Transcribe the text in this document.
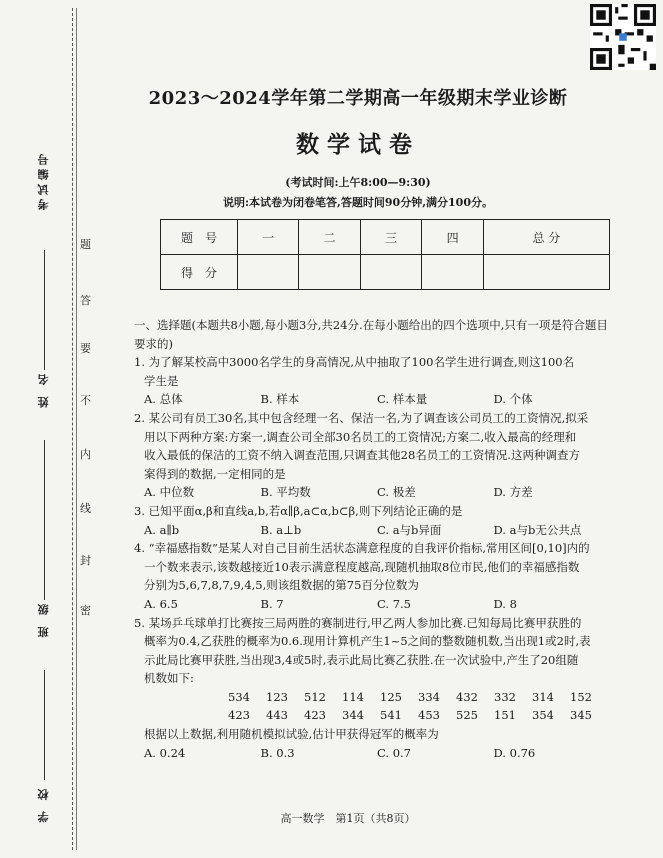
考试编号
姓 名
班 级
学 校
题
答
要
不
内
线
封
密
2023～2024学年第二学期高一年级期末学业诊断
数学试卷
(考试时间:上午8:00—9:30)
说明:本试卷为闭卷笔答,答题时间90分钟,满分100分。
题　号	一	二	三	四	总 分
得　分					

一、选择题(本题共8小题,每小题3分,共24分.在每小题给出的四个选项中,只有一项是符合题目要求的)

1. 为了解某校高中3000名学生的身高情况,从中抽取了100名学生进行调查,则这100名

学生是

A. 总体	B. 样本	C. 样本量	D. 个体

2. 某公司有员工30名,其中包含经理一名、保洁一名,为了调查该公司员工的工资情况,拟采

用以下两种方案:方案一,调查公司全部30名员工的工资情况;方案二,收入最高的经理和

收入最低的保洁的工资不纳入调查范围,只调查其他28名员工的工资情况.这两种调查方

案得到的数据,一定相同的是

A. 中位数	B. 平均数	C. 极差	D. 方差

3. 已知平面α,β和直线a,b,若α∥β,a⊂α,b⊂β,则下列结论正确的是

A. a∥b	B. a⊥b	C. a与b异面	D. a与b无公共点

4. “幸福感指数”是某人对自己目前生活状态满意程度的自我评价指标,常用区间[0,10]内的

一个数来表示,该数越接近10表示满意程度越高,现随机抽取8位市民,他们的幸福感指数

分别为5,6,7,8,7,9,4,5,则该组数据的第75百分位数为

A. 6.5	B. 7	C. 7.5	D. 8

5. 某场乒乓球单打比赛按三局两胜的赛制进行,甲乙两人参加比赛.已知每局比赛甲获胜的

概率为0.4,乙获胜的概率为0.6.现用计算机产生1~5之间的整数随机数,当出现1或2时,表

示此局比赛甲获胜,当出现3,4或5时,表示此局比赛乙获胜.在一次试验中,产生了20组随

机数如下:

534	123	512	114	125	334	432	332	314	152
423	443	423	344	541	453	525	151	354	345

根据以上数据,利用随机模拟试验,估计甲获得冠军的概率为

A. 0.24	B. 0.3	C. 0.7	D. 0.76
高一数学　第1页（共8页）
